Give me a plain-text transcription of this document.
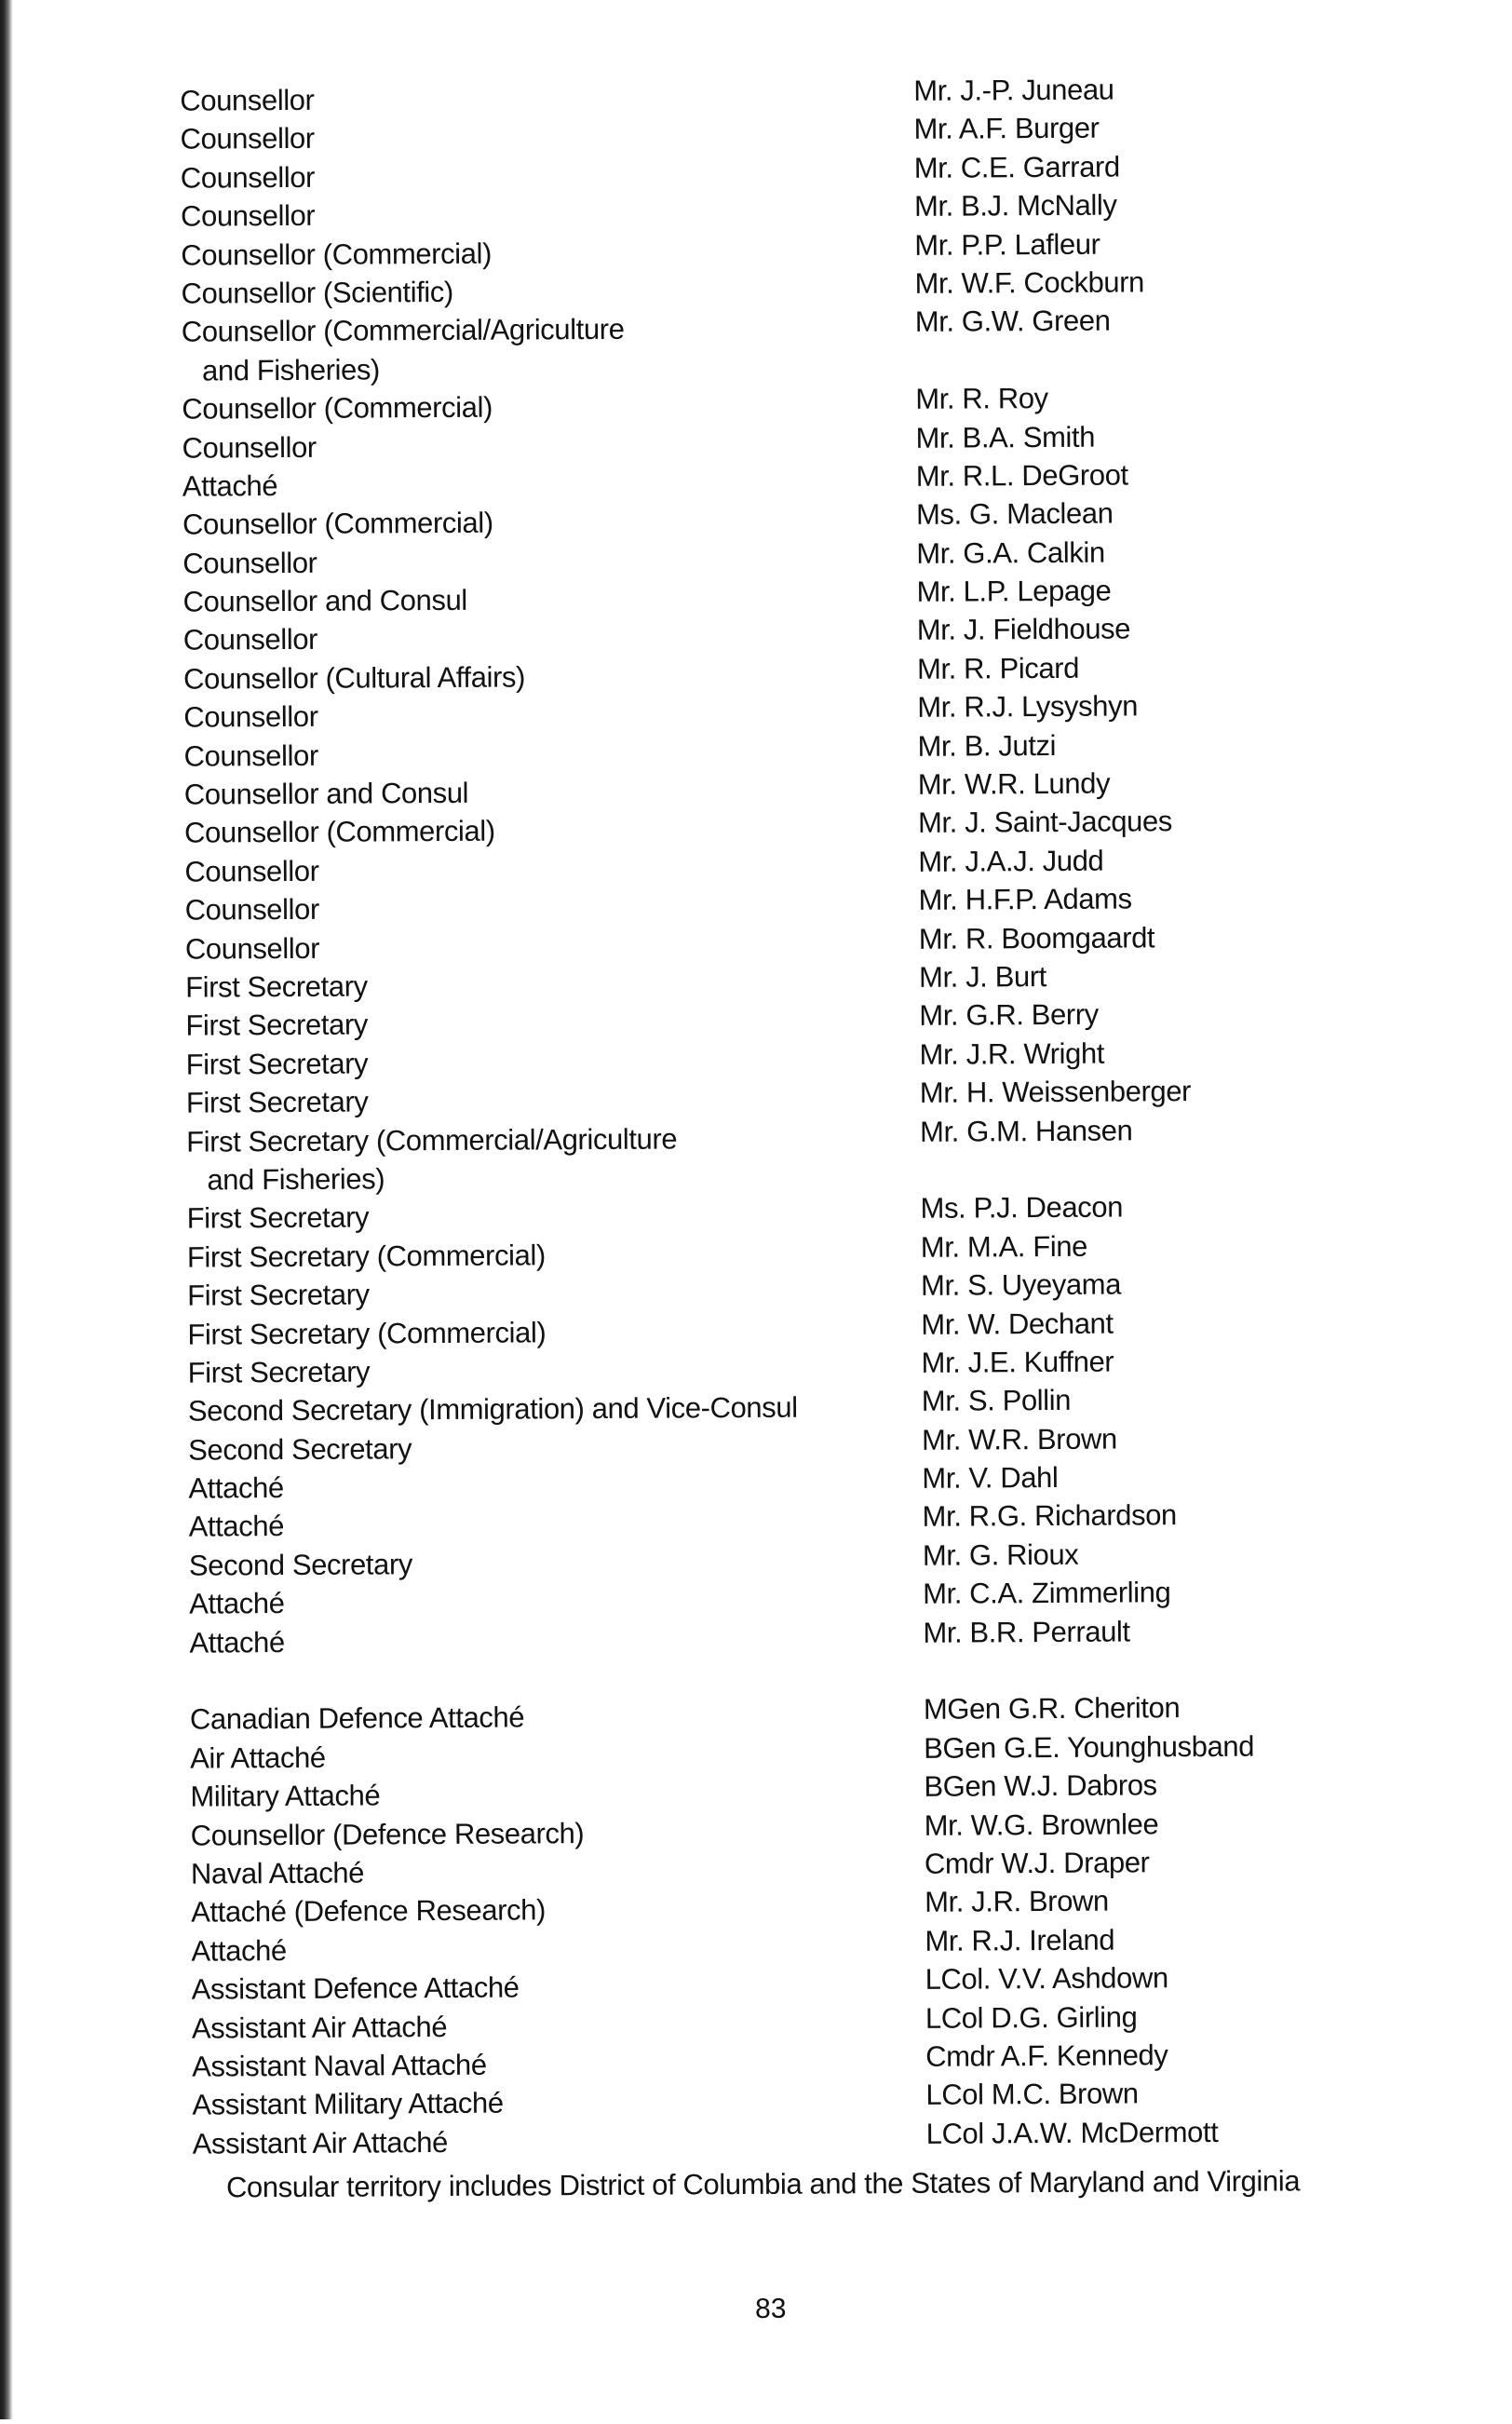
Counsellor
Counsellor
Counsellor
Counsellor
Counsellor (Commercial)
Counsellor (Scientific)
Counsellor (Commercial/Agriculture
and Fisheries)
Counsellor (Commercial)
Counsellor
Attaché
Counsellor (Commercial)
Counsellor
Counsellor and Consul
Counsellor
Counsellor (Cultural Affairs)
Counsellor
Counsellor
Counsellor and Consul
Counsellor (Commercial)
Counsellor
Counsellor
Counsellor
First Secretary
First Secretary
First Secretary
First Secretary
First Secretary (Commercial/Agriculture
and Fisheries)
First Secretary
First Secretary (Commercial)
First Secretary
First Secretary (Commercial)
First Secretary
Second Secretary (Immigration) and Vice-Consul
Second Secretary
Attaché
Attaché
Second Secretary
Attaché
Attaché
Canadian Defence Attaché
Air Attaché
Military Attaché
Counsellor (Defence Research)
Naval Attaché
Attaché (Defence Research)
Attaché
Assistant Defence Attaché
Assistant Air Attaché
Assistant Naval Attaché
Assistant Military Attaché
Assistant Air Attaché
Mr. J.-P. Juneau
Mr. A.F. Burger
Mr. C.E. Garrard
Mr. B.J. McNally
Mr. P.P. Lafleur
Mr. W.F. Cockburn
Mr. G.W. Green
Mr. R. Roy
Mr. B.A. Smith
Mr. R.L. DeGroot
Ms. G. Maclean
Mr. G.A. Calkin
Mr. L.P. Lepage
Mr. J. Fieldhouse
Mr. R. Picard
Mr. R.J. Lysyshyn
Mr. B. Jutzi
Mr. W.R. Lundy
Mr. J. Saint-Jacques
Mr. J.A.J. Judd
Mr. H.F.P. Adams
Mr. R. Boomgaardt
Mr. J. Burt
Mr. G.R. Berry
Mr. J.R. Wright
Mr. H. Weissenberger
Mr. G.M. Hansen
Ms. P.J. Deacon
Mr. M.A. Fine
Mr. S. Uyeyama
Mr. W. Dechant
Mr. J.E. Kuffner
Mr. S. Pollin
Mr. W.R. Brown
Mr. V. Dahl
Mr. R.G. Richardson
Mr. G. Rioux
Mr. C.A. Zimmerling
Mr. B.R. Perrault
MGen G.R. Cheriton
BGen G.E. Younghusband
BGen W.J. Dabros
Mr. W.G. Brownlee
Cmdr W.J. Draper
Mr. J.R. Brown
Mr. R.J. Ireland
LCol. V.V. Ashdown
LCol D.G. Girling
Cmdr A.F. Kennedy
LCol M.C. Brown
LCol J.A.W. McDermott
Consular territory includes District of Columbia and the States of Maryland and Virginia
83
